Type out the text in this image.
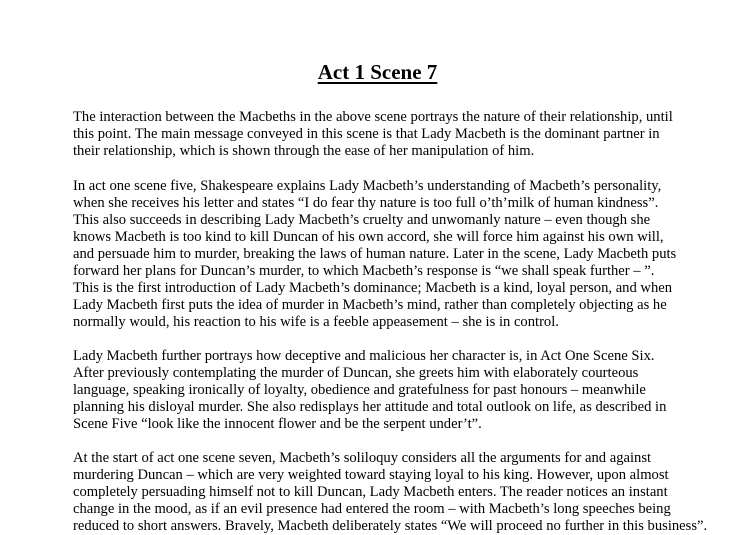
Act 1 Scene 7

The interaction between the Macbeths in the above scene portrays the nature of their relationship, until
this point. The main message conveyed in this scene is that Lady Macbeth is the dominant partner in
their relationship, which is shown through the ease of her manipulation of him.

In act one scene five, Shakespeare explains Lady Macbeth’s understanding of Macbeth’s personality,
when she receives his letter and states “I do fear thy nature is too full o’th’milk of human kindness”.
This also succeeds in describing Lady Macbeth’s cruelty and unwomanly nature – even though she
knows Macbeth is too kind to kill Duncan of his own accord, she will force him against his own will,
and persuade him to murder, breaking the laws of human nature. Later in the scene, Lady Macbeth puts
forward her plans for Duncan’s murder, to which Macbeth’s response is “we shall speak further – ”.
This is the first introduction of Lady Macbeth’s dominance; Macbeth is a kind, loyal person, and when
Lady Macbeth first puts the idea of murder in Macbeth’s mind, rather than completely objecting as he
normally would, his reaction to his wife is a feeble appeasement – she is in control.

Lady Macbeth further portrays how deceptive and malicious her character is, in Act One Scene Six.
After previously contemplating the murder of Duncan, she greets him with elaborately courteous
language, speaking ironically of loyalty, obedience and gratefulness for past honours – meanwhile
planning his disloyal murder. She also redisplays her attitude and total outlook on life, as described in
Scene Five “look like the innocent flower and be the serpent under’t”.

At the start of act one scene seven, Macbeth’s soliloquy considers all the arguments for and against
murdering Duncan – which are very weighted toward staying loyal to his king. However, upon almost
completely persuading himself not to kill Duncan, Lady Macbeth enters. The reader notices an instant
change in the mood, as if an evil presence had entered the room – with Macbeth’s long speeches being
reduced to short answers. Bravely, Macbeth deliberately states “We will proceed no further in this business”.
